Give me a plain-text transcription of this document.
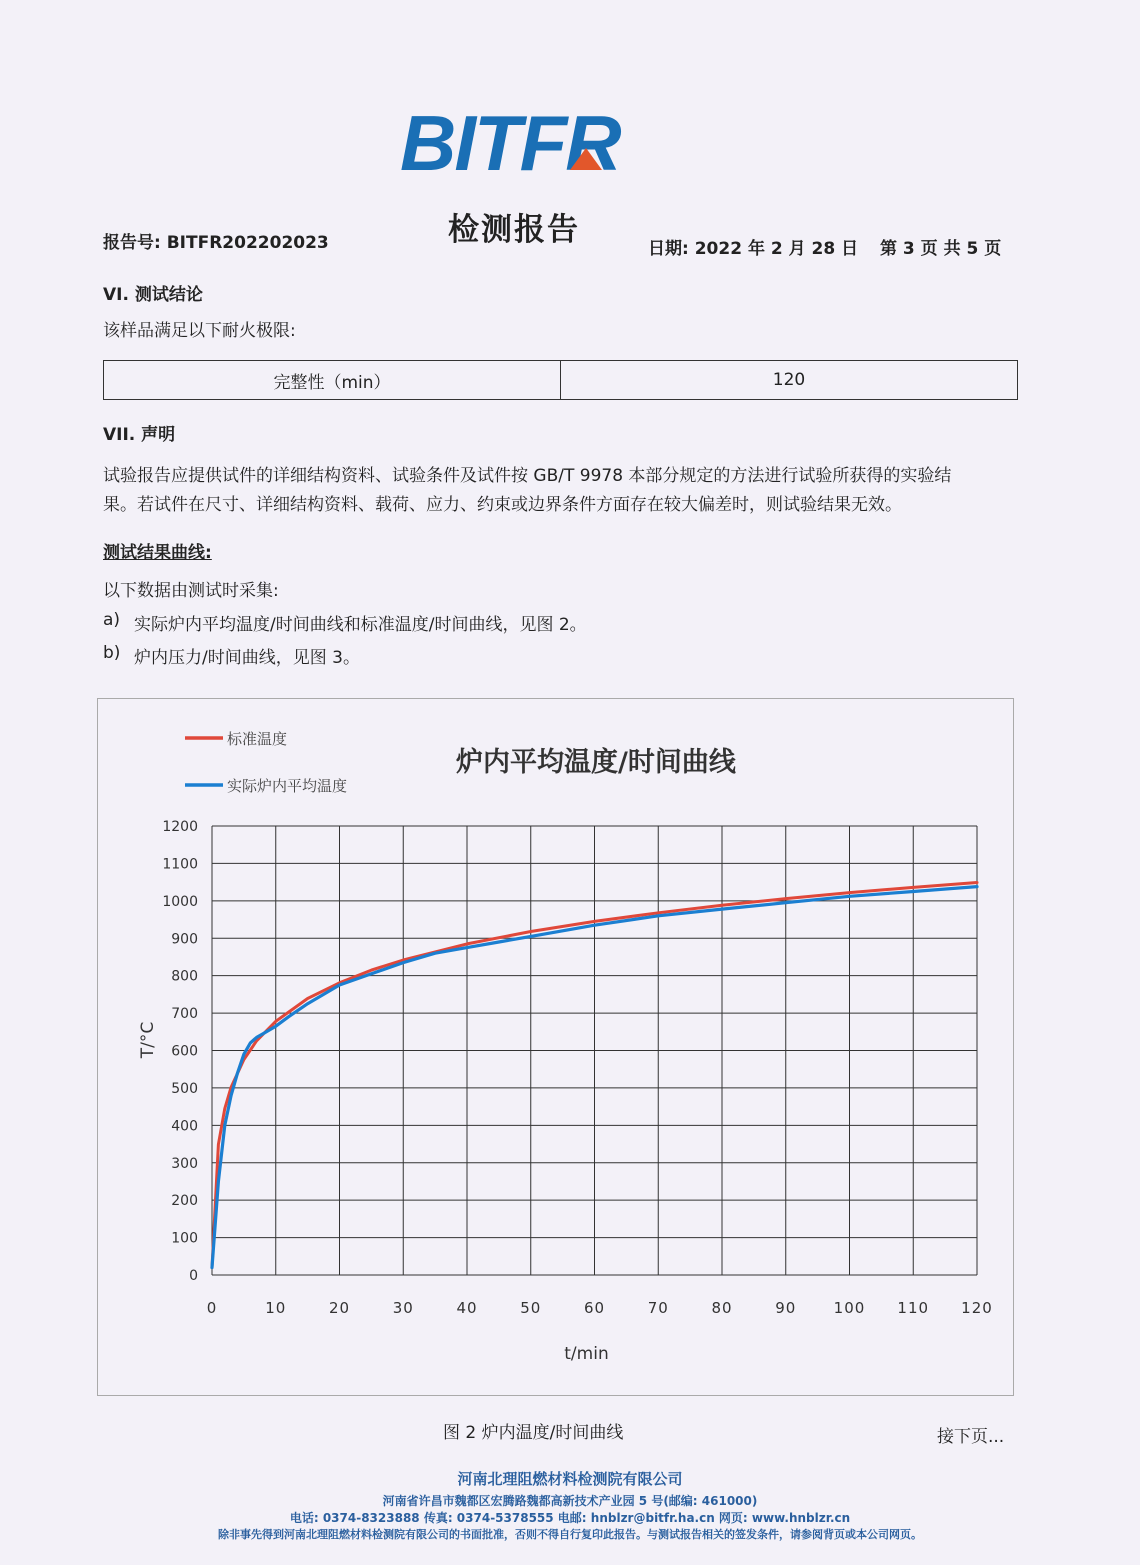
BITFR
检测报告
报告号: BITFR202202023	日期: 2022 年 2 月 28 日 第 3 页 共 5 页
VI. 测试结论
该样品满足以下耐火极限:
完整性（min）	120
VII. 声明
试验报告应提供试件的详细结构资料、试验条件及试件按 GB/T 9978 本部分规定的方法进行试验所获得的实验结
果。若试件在尺寸、详细结构资料、载荷、应力、约束或边界条件方面存在较大偏差时，则试验结果无效。
测试结果曲线:
以下数据由测试时采集:
a) 实际炉内平均温度/时间曲线和标准温度/时间曲线，见图 2。
b) 炉内压力/时间曲线，见图 3。
炉内平均温度/时间曲线
0	10	20	30	40	50	60	70	80	90 100 110 120
0
100
200
300
400
500
600
700
800
900
1000
1100
1200
t/min
T/°C
标准温度
实际炉内平均温度
图 2 炉内温度/时间曲线	接下页...
河南北理阻燃材料检测院有限公司
河南省许昌市魏都区宏腾路魏都高新技术产业园 5 号(邮编: 461000)
电话: 0374-8323888 传真: 0374-5378555 电邮: hnblzr@bitfr.ha.cn 网页: www.hnblzr.cn
除非事先得到河南北理阻燃材料检测院有限公司的书面批准，否则不得自行复印此报告。与测试报告相关的签发条件，请参阅背页或本公司网页。
